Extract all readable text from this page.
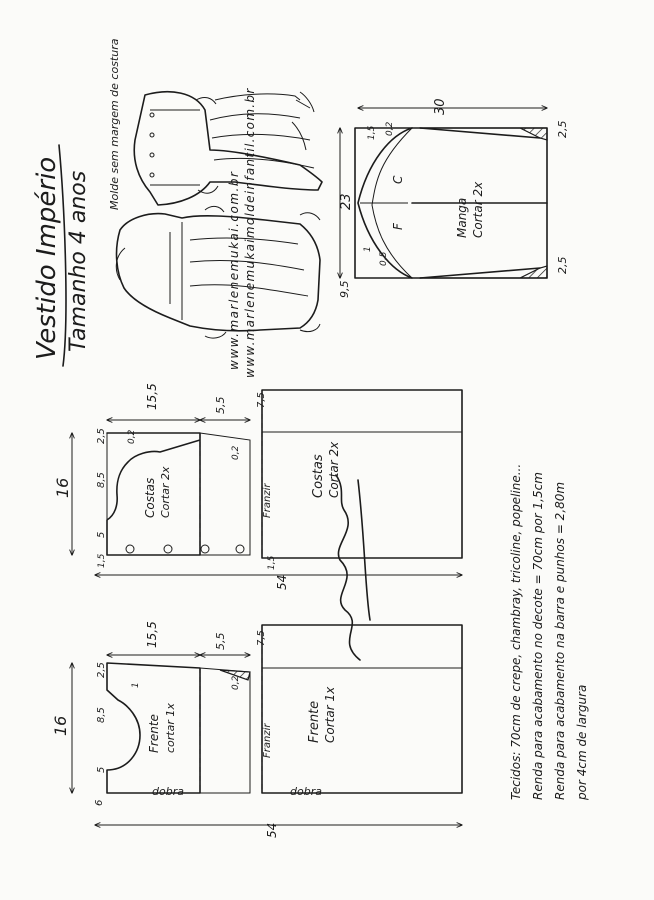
Vestido Império Tamanho 4 anos	www.marlenemukai.com.br www.marlenemukaimoldeinfantil.com.br
Molde sem margem de costura	30
23
2,5
2,5
9,5
1,5 0,2
1
0,5
C
F	Manga Cortar 2x
Costas Cortar 2x	Costas Cortar 2x
Franzir
16
15,5	5,5
2,5
8,5
5
0,2
0,2
1,5	1,5
7,5
54
Frente cortar 1x
dobra
Frente Cortar 1x
dobra
Franzir
16
15,5	5,5
2,5
8,5
5
6
0,2
1
7,5
54
Tecidos: 70cm de crepe, chambray, tricoline, popeline... Renda para acabamento no decote = 70cm por 1,5cm Renda para acabamento na barra e punhos = 2,80m por 4cm de largura
